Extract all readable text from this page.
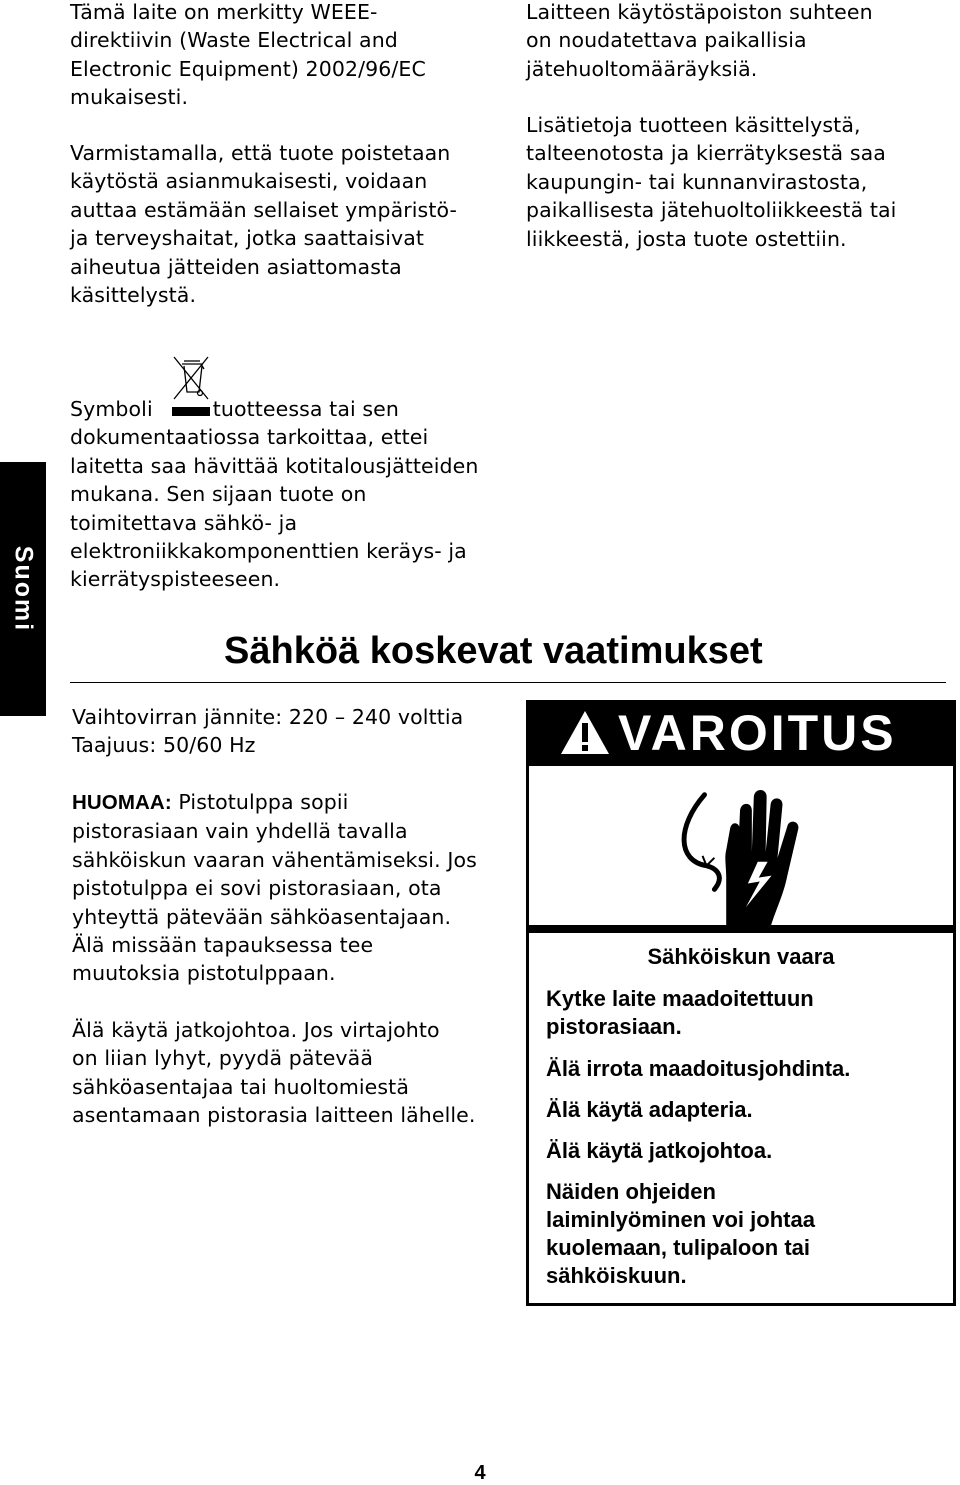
Tämä laite on merkitty WEEE-
direktiivin (Waste Electrical and
Electronic Equipment) 2002/96/EC
mukaisesti.
Varmistamalla, että tuote poistetaan
käytöstä asianmukaisesti, voidaan
auttaa estämään sellaiset ympäristö-
ja terveyshaitat, jotka saattaisivat
aiheutua jätteiden asiattomasta
käsittelystä.
Laitteen käytöstäpoiston suhteen
on noudatettava paikallisia
jätehuoltomääräyksiä.
Lisätietoja tuotteen käsittelystä,
talteenotosta ja kierrätyksestä saa
kaupungin- tai kunnanvirastosta,
paikallisesta jätehuoltoliikkeestä tai
liikkeestä, josta tuote ostettiin.
Symboli	tuotteessa tai sen
dokumentaatiossa tarkoittaa, ettei
laitetta saa hävittää kotitalousjätteiden
mukana. Sen sijaan tuote on
toimitettava sähkö- ja
elektroniikkakomponenttien keräys- ja
kierrätyspisteeseen.
Suomi
Sähköä koskevat vaatimukset
Vaihtovirran jännite: 220 – 240 volttia
Taajuus: 50/60 Hz
HUOMAA: Pistotulppa sopii
pistorasiaan vain yhdellä tavalla
sähköiskun vaaran vähentämiseksi. Jos
pistotulppa ei sovi pistorasiaan, ota
yhteyttä pätevään sähköasentajaan.
Älä missään tapauksessa tee
muutoksia pistotulppaan.
Älä käytä jatkojohtoa. Jos virtajohto
on liian lyhyt, pyydä pätevää
sähköasentajaa tai huoltomiestä
asentamaan pistorasia laitteen lähelle.
VAROITUS
Sähköiskun vaara
Kytke laite maadoitettuun
pistorasiaan.
Älä irrota maadoitusjohdinta.
Älä käytä adapteria.
Älä käytä jatkojohtoa.
Näiden ohjeiden
laiminlyöminen voi johtaa
kuolemaan, tulipaloon tai
sähköiskuun.
4
